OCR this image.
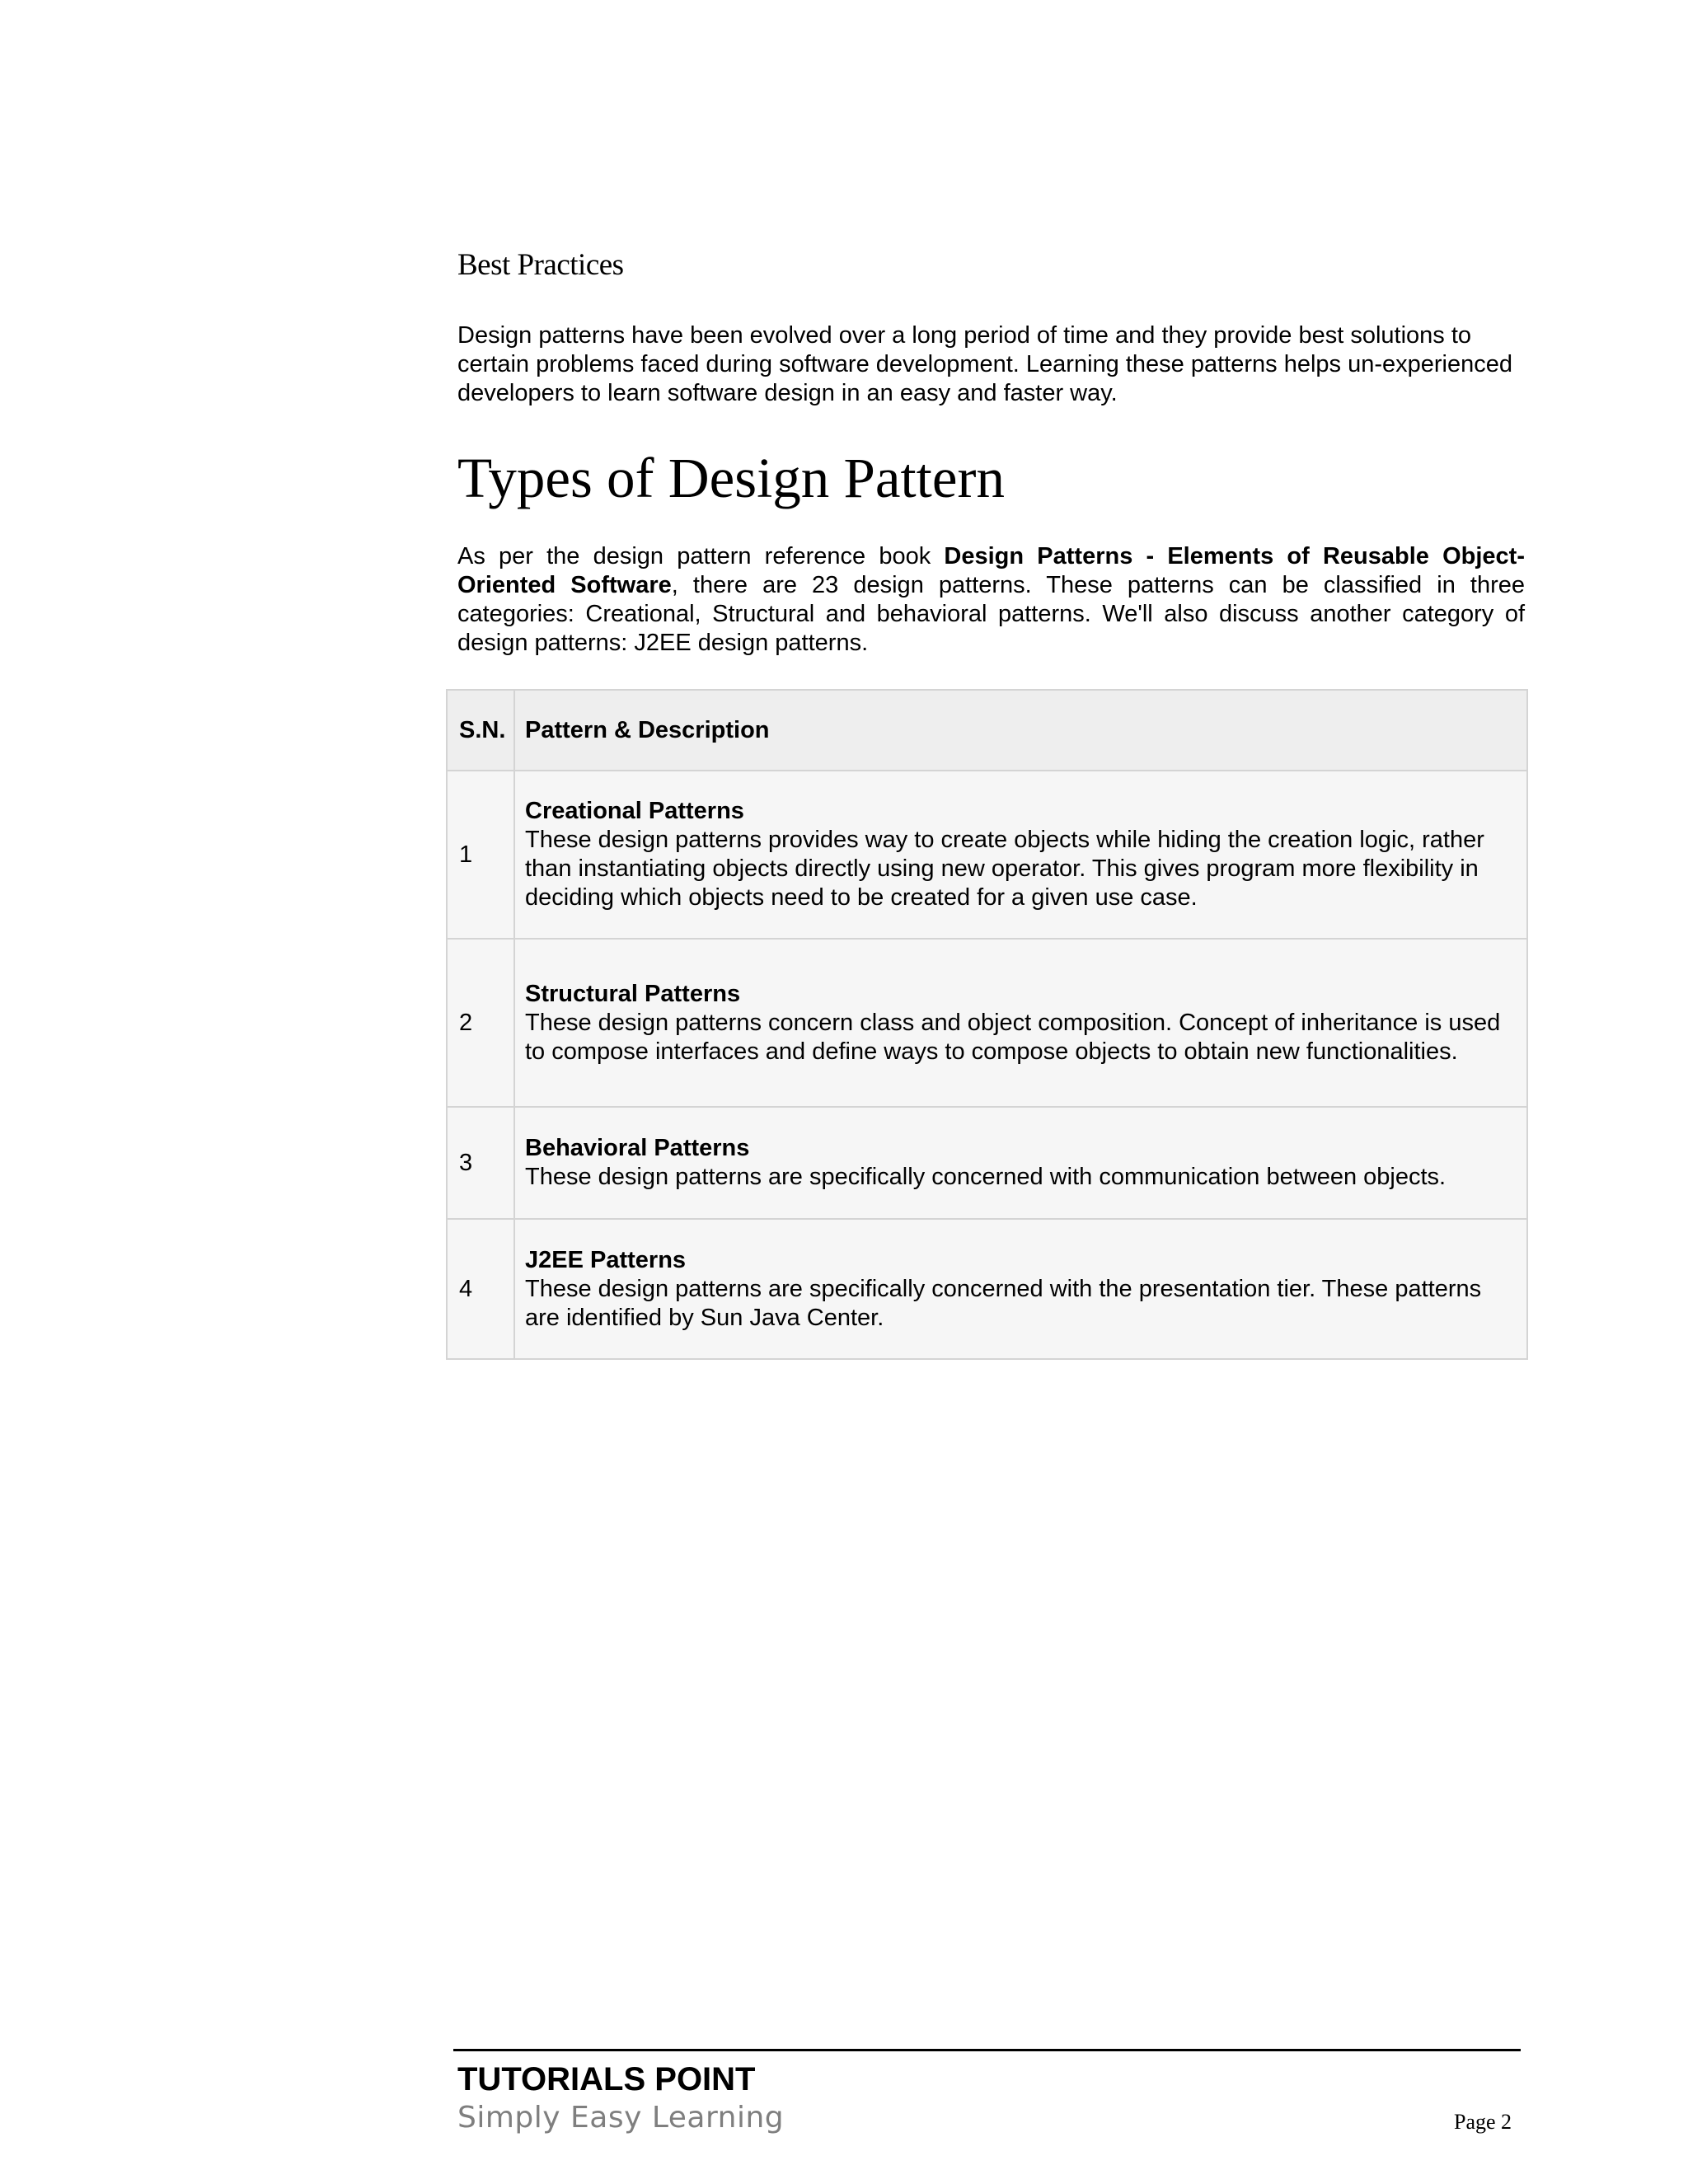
Best Practices

Design patterns have been evolved over a long period of time and they provide best solutions to certain problems faced during software development. Learning these patterns helps un-experienced developers to learn software design in an easy and faster way.

Types of Design Pattern

As per the design pattern reference book Design Patterns - Elements of Reusable Object-Oriented Software, there are 23 design patterns. These patterns can be classified in three categories: Creational, Structural and behavioral patterns. We'll also discuss another category of design patterns: J2EE design patterns.

S.N.	Pattern & Description
1	Creational Patterns
These design patterns provides way to create objects while hiding the creation logic, rather than instantiating objects directly using new operator. This gives program more flexibility in deciding which objects need to be created for a given use case.

2	Structural Patterns
These design patterns concern class and object composition. Concept of inheritance is used to compose interfaces and define ways to compose objects to obtain new functionalities.

3	Behavioral Patterns
These design patterns are specifically concerned with communication between objects.

4	J2EE Patterns
These design patterns are specifically concerned with the presentation tier. These patterns are identified by Sun Java Center.

TUTORIALS POINT

Simply Easy Learning	Page 2
